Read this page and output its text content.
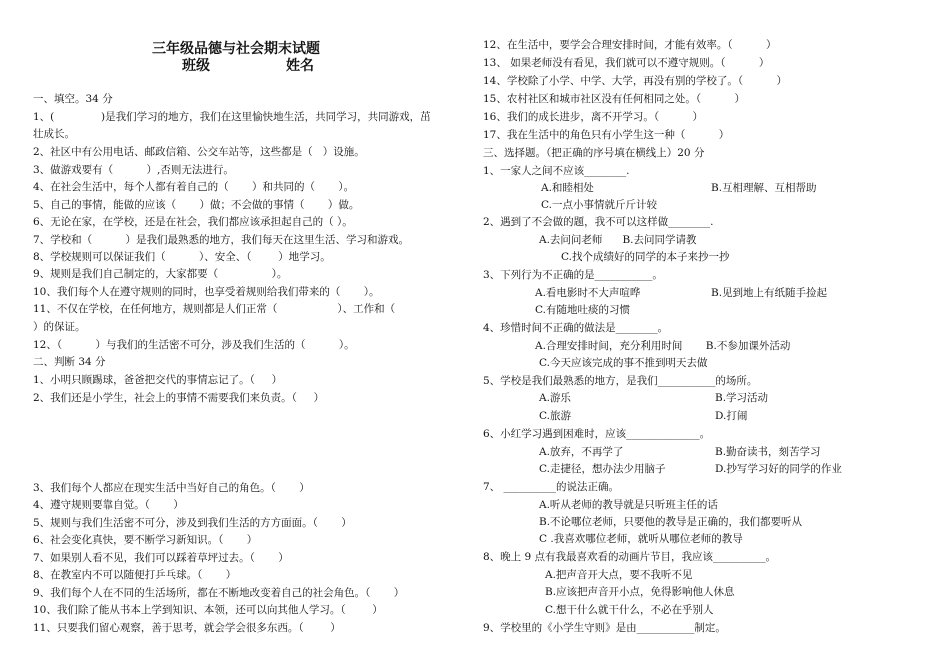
三年级品德与社会期末试题

班级	姓名

一、填空。34 分

1、(              )是我们学习的地方，我们在这里愉快地生活，共同学习，共同游戏，茁

壮成长。

2、社区中有公用电话、邮政信箱、公交车站等，这些都是（   ）设施。

3、做游戏要有（          ）,否则无法进行。

4、在社会生活中，每个人都有着自己的（       ）和共同的（       ）。

5、自己的事情，能做的应该（       ）做；不会做的事情（       ）做。

6、无论在家，在学校，还是在社会，我们都应该承担起自己的（ ）。

7、学校和（          ）是我们最熟悉的地方，我们每天在这里生活、学习和游戏。

8、学校规则可以保证我们（          ）、安全、（        ）地学习。

9、规则是我们自己制定的，大家都要（                ）。

10、我们每个人在遵守规则的同时，也享受着规则给我们带来的（       ）。

11、不仅在学校，在任何地方，规则都是人们正常（                  ）、工作和（

）的保证。

12、（          ）与我们的生活密不可分，涉及我们生活的（          ）。

二、判断 34 分

1、小明只顾踢球，爸爸把交代的事情忘记了。（     ）

2、我们还是小学生，社会上的事情不需要我们来负责。（     ）

3、我们每个人都应在现实生活中当好自己的角色。（       ）

4、遵守规则要靠自觉。（       ）

5、规则与我们生活密不可分，涉及到我们生活的方方面面。（       ）

6、社会变化真快，要不断学习新知识。（       ）

7、如果别人看不见，我们可以踩着草坪过去。（       ）

8、在教室内不可以随便打乒乓球。（       ）

9、我们每个人在不同的生活场所，都在不断地改变着自己的社会角色。（       ）

10、我们除了能从书本上学到知识、本领，还可以向其他人学习。（        ）

11、只要我们留心观察，善于思考，就会学会很多东西。（        ）

12、在生活中，要学会合理安排时间，才能有效率。（          ）

13、 如果老师没有看见，我们就可以不遵守规则。（          ）

14、学校除了小学、中学、大学，再没有别的学校了。（          ）

15、农村社区和城市社区没有任何相同之处。（          ）

16、我们的成长进步，离不开学习。（          ）

17、我在生活中的角色只有小学生这一种（          ）

三、选择题。（把正确的序号填在横线上）20 分

1、一家人之间不应该________.

A.和睦相处	B.互相理解、互相帮助

C.一点小事情就斤斤计较

2、遇到了不会做的题，我不可以这样做________.

A.去问问老师      B.去问同学请教

C.找个成绩好的同学的本子来抄一抄

3、下列行为不正确的是___________。

A.看电影时不大声喧哗	B.见到地上有纸随手捡起

C.有随地吐痰的习惯

4、珍惜时间不正确的做法是________。

A.合理安排时间，充分利用时间       B.不参加课外活动

C.今天应该完成的事不推到明天去做

5、学校是我们最熟悉的地方，是我们___________的场所。

A.游乐	B.学习活动

C.旅游	D.打闹

6、小红学习遇到困难时，应该______________。

A.放弃，不再学了	B.勤奋读书，刻苦学习

C.走捷径，想办法少用脑子	D.抄写学习好的同学的作业

7、 __________的说法正确。

A.听从老师的教导就是只听班主任的话

B.不论哪位老师，只要他的教导是正确的，我们都要听从

C .我喜欢哪位老师，就听从哪位老师的教导

8、晚上 9 点有我最喜欢看的动画片节目，我应该__________。

A.把声音开大点，要不我听不见

B.应该把声音开小点，免得影响他人休息

C.想干什么就干什么，不必在乎别人

9、学校里的《小学生守则》是由___________制定。
